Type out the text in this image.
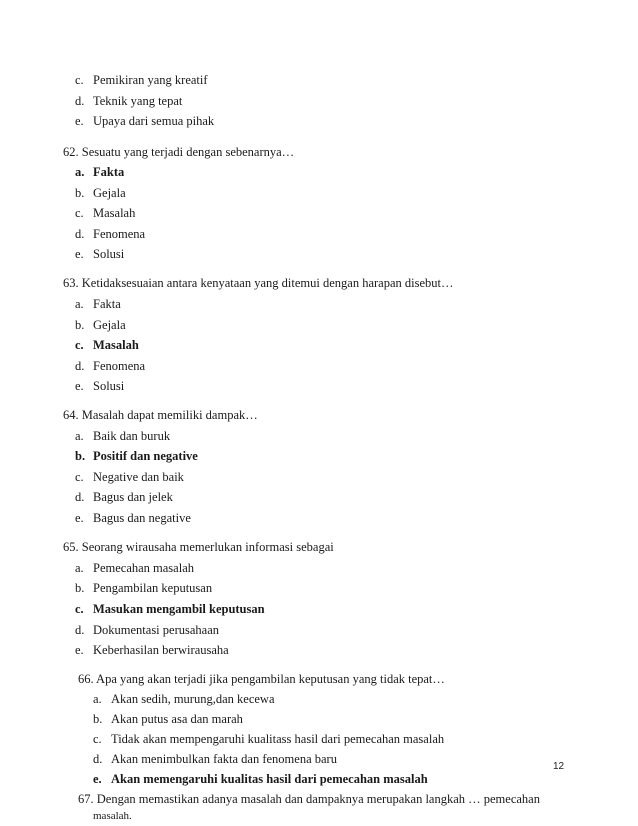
c. Pemikiran yang kreatif
d. Teknik yang tepat
e. Upaya dari semua pihak
62. Sesuatu yang terjadi dengan sebenarnya…
a. Fakta
b. Gejala
c. Masalah
d. Fenomena
e. Solusi
63. Ketidaksesuaian antara kenyataan yang ditemui dengan harapan disebut…
a. Fakta
b. Gejala
c. Masalah
d. Fenomena
e. Solusi
64. Masalah dapat memiliki dampak…
a. Baik dan buruk
b. Positif dan negative
c. Negative dan baik
d. Bagus dan jelek
e. Bagus dan negative
65. Seorang wirausaha memerlukan informasi sebagai
a. Pemecahan masalah
b. Pengambilan keputusan
c. Masukan mengambil keputusan
d. Dokumentasi perusahaan
e. Keberhasilan berwirausaha
66. Apa yang akan terjadi jika pengambilan keputusan yang tidak tepat…
a. Akan sedih, murung,dan kecewa
b. Akan putus asa dan marah
c. Tidak akan mempengaruhi kualitass hasil dari pemecahan masalah
d. Akan menimbulkan fakta dan fenomena baru
e. Akan memengaruhi kualitas hasil dari pemecahan masalah
67. Dengan memastikan adanya masalah dan dampaknya merupakan langkah … pemecahan
masalah.
12
